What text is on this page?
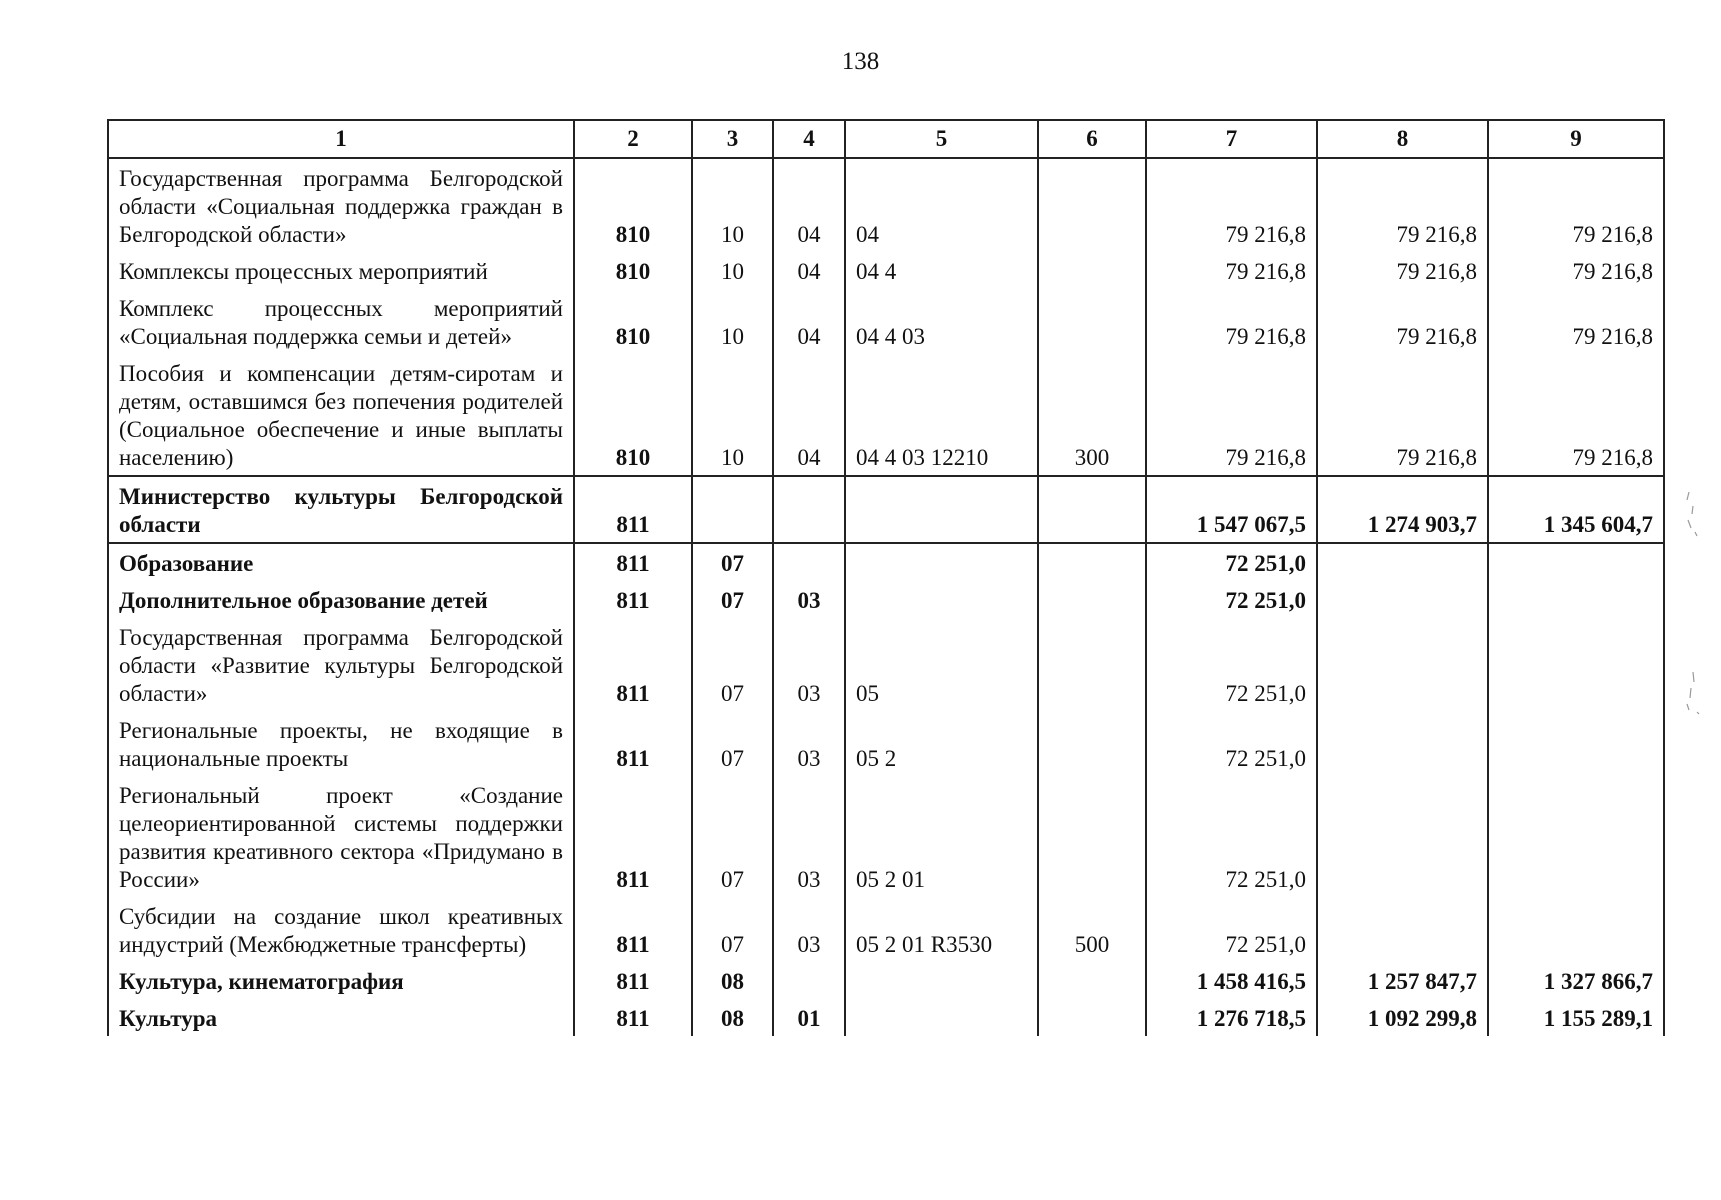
138
1	2	3	4	5	6	7	8	9
Государственная программа Белгородской области «Социальная поддержка граждан в Белгородской области»	810	10	04	04		79 216,8	79 216,8	79 216,8
Комплексы процессных мероприятий	810	10	04	04 4		79 216,8	79 216,8	79 216,8
Комплекс процессных мероприятий «Социальная поддержка семьи и детей»	810	10	04	04 4 03		79 216,8	79 216,8	79 216,8
Пособия и компенсации детям-сиротам и детям, оставшимся без попечения родителей (Социальное обеспечение и иные выплаты населению)	810	10	04	04 4 03 12210	300	79 216,8	79 216,8	79 216,8
Министерство культуры Белгородской области	811					1 547 067,5	1 274 903,7	1 345 604,7
Образование	811	07				72 251,0		
Дополнительное образование детей	811	07	03			72 251,0		
Государственная программа Белгородской области «Развитие культуры Белгородской области»	811	07	03	05		72 251,0		
Региональные проекты, не входящие в национальные проекты	811	07	03	05 2		72 251,0		
Региональный проект «Создание целеориентированной системы поддержки развития креативного сектора «Придумано в России»	811	07	03	05 2 01		72 251,0		
Субсидии на создание школ креативных индустрий (Межбюджетные трансферты)	811	07	03	05 2 01 R3530	500	72 251,0		
Культура, кинематография	811	08				1 458 416,5	1 257 847,7	1 327 866,7
Культура	811	08	01			1 276 718,5	1 092 299,8	1 155 289,1
